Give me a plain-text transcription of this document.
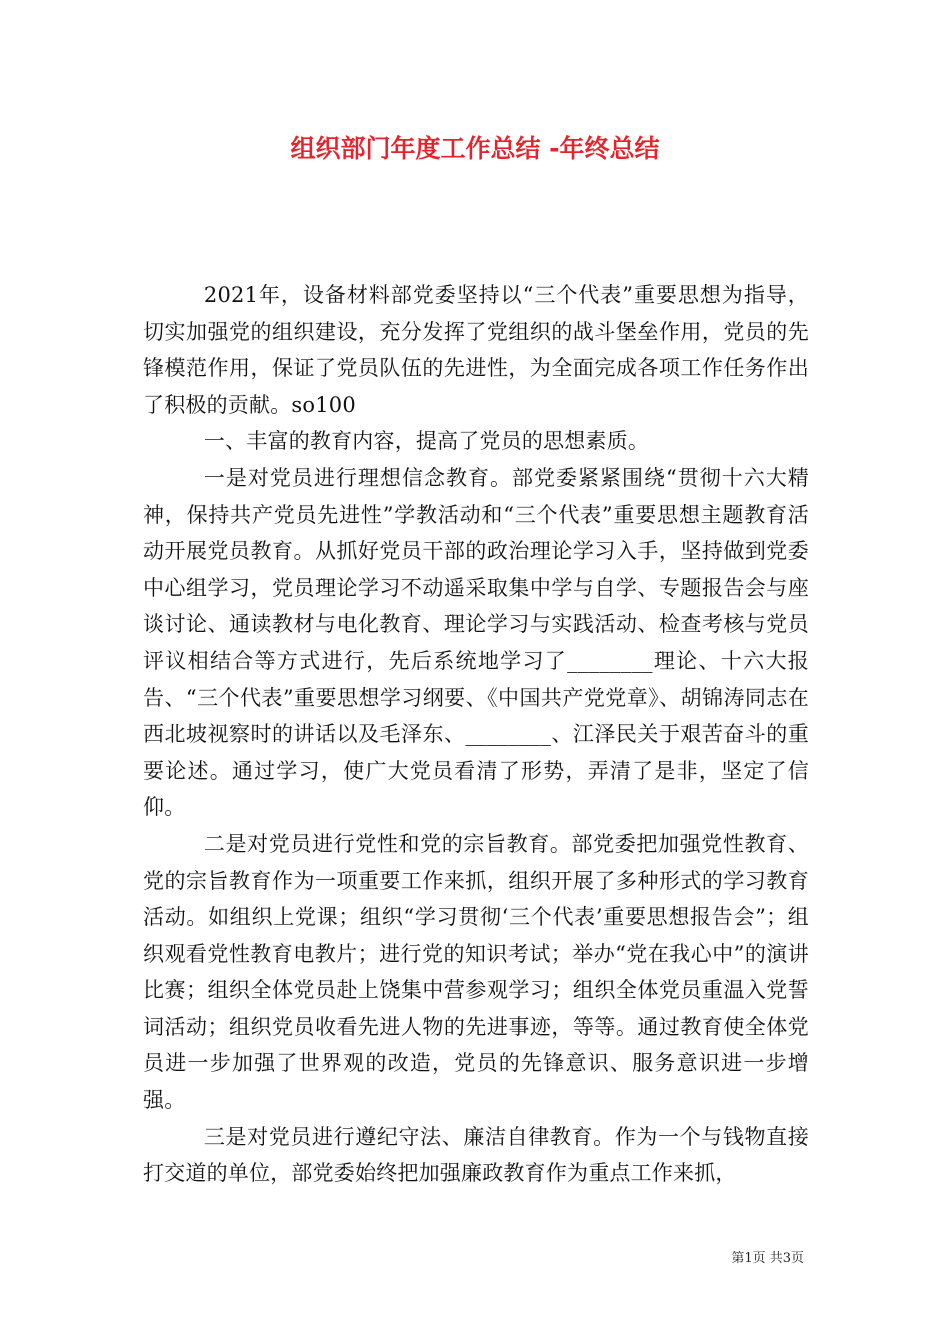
组织部门年度工作总结 -年终总结

2021年，设备材料部党委坚持以“三个代表”重要思想为指导，切实加强党的组织建设，充分发挥了党组织的战斗堡垒作用，党员的先锋模范作用，保证了党员队伍的先进性，为全面完成各项工作任务作出了积极的贡献。so100

一、丰富的教育内容，提高了党员的思想素质。

一是对党员进行理想信念教育。部党委紧紧围绕“贯彻十六大精神，保持共产党员先进性”学教活动和“三个代表”重要思想主题教育活动开展党员教育。从抓好党员干部的政治理论学习入手，坚持做到党委中心组学习，党员理论学习不动遥采取集中学与自学、专题报告会与座谈讨论、通读教材与电化教育、理论学习与实践活动、检查考核与党员评议相结合等方式进行，先后系统地学习了________理论、十六大报告、“三个代表”重要思想学习纲要、《中国共产党党章》、胡锦涛同志在西北坡视察时的讲话以及毛泽东、________、江泽民关于艰苦奋斗的重要论述。通过学习，使广大党员看清了形势，弄清了是非，坚定了信仰。

二是对党员进行党性和党的宗旨教育。部党委把加强党性教育、党的宗旨教育作为一项重要工作来抓，组织开展了多种形式的学习教育活动。如组织上党课；组织“学习贯彻‘三个代表’重要思想报告会”；组织观看党性教育电教片；进行党的知识考试；举办“党在我心中”的演讲比赛；组织全体党员赴上饶集中营参观学习；组织全体党员重温入党誓词活动；组织党员收看先进人物的先进事迹，等等。通过教育使全体党员进一步加强了世界观的改造，党员的先锋意识、服务意识进一步增强。

三是对党员进行遵纪守法、廉洁自律教育。作为一个与钱物直接打交道的单位，部党委始终把加强廉政教育作为重点工作来抓，

第1页 共3页
